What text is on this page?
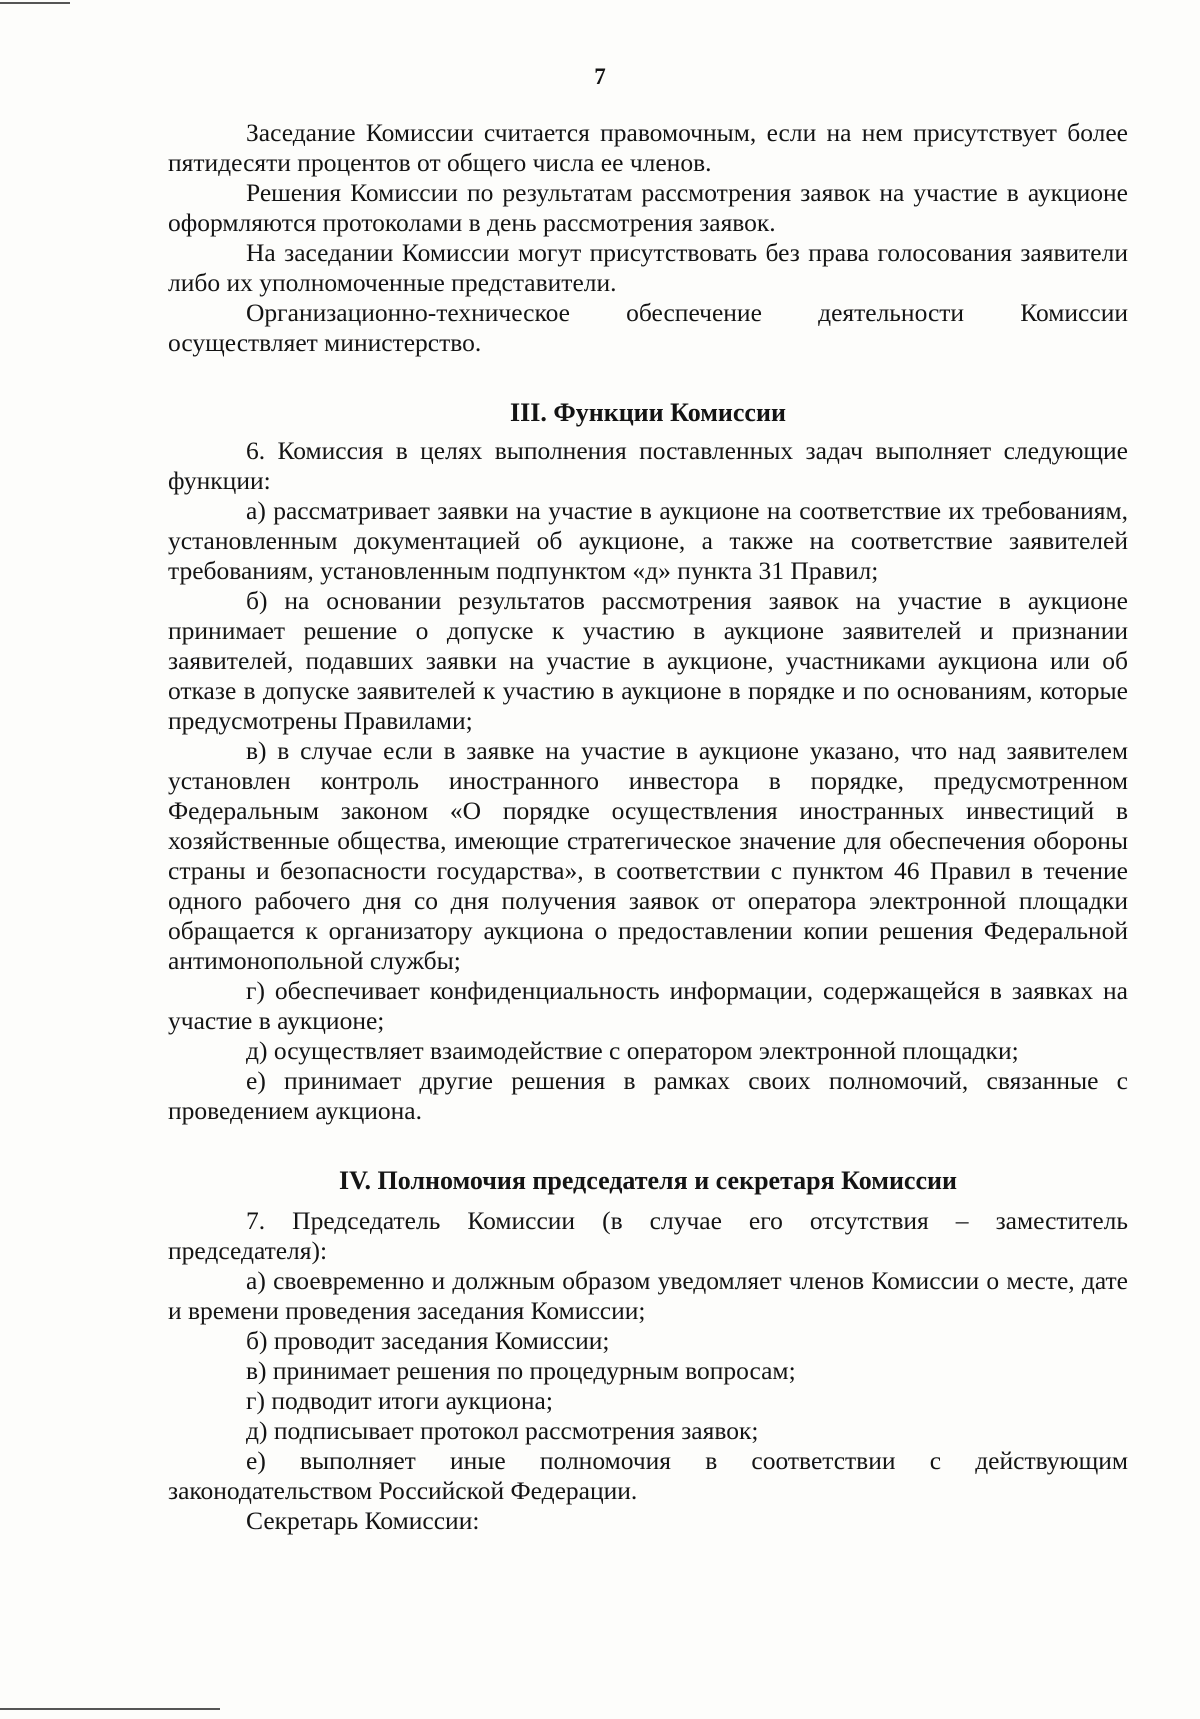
7

Заседание Комиссии считается правомочным, если на нем присутствует более пятидесяти процентов от общего числа ее членов.

Решения Комиссии по результатам рассмотрения заявок на участие в аукционе оформляются протоколами в день рассмотрения заявок.

На заседании Комиссии могут присутствовать без права голосования заявители либо их уполномоченные представители.

Организационно-техническое обеспечение деятельности Комиссии осуществляет министерство.

III. Функции Комиссии

6. Комиссия в целях выполнения поставленных задач выполняет следующие функции:

а) рассматривает заявки на участие в аукционе на соответствие их требованиям, установленным документацией об аукционе, а также на соответствие заявителей требованиям, установленным подпунктом «д» пункта 31 Правил;

б) на основании результатов рассмотрения заявок на участие в аукционе принимает решение о допуске к участию в аукционе заявителей и признании заявителей, подавших заявки на участие в аукционе, участниками аукциона или об отказе в допуске заявителей к участию в аукционе в порядке и по основаниям, которые предусмотрены Правилами;

в) в случае если в заявке на участие в аукционе указано, что над заявителем установлен контроль иностранного инвестора в порядке, предусмотренном Федеральным законом «О порядке осуществления иностранных инвестиций в хозяйственные общества, имеющие стратегическое значение для обеспечения обороны страны и безопасности государства», в соответствии с пунктом 46 Правил в течение одного рабочего дня со дня получения заявок от оператора электронной площадки обращается к организатору аукциона о предоставлении копии решения Федеральной антимонопольной службы;

г) обеспечивает конфиденциальность информации, содержащейся в заявках на участие в аукционе;

д) осуществляет взаимодействие с оператором электронной площадки;

е) принимает другие решения в рамках своих полномочий, связанные с проведением аукциона.

IV. Полномочия председателя и секретаря Комиссии

7. Председатель Комиссии (в случае его отсутствия – заместитель председателя):

а) своевременно и должным образом уведомляет членов Комиссии о месте, дате и времени проведения заседания Комиссии;

б) проводит заседания Комиссии;

в) принимает решения по процедурным вопросам;

г) подводит итоги аукциона;

д) подписывает протокол рассмотрения заявок;

е) выполняет иные полномочия в соответствии с действующим законодательством Российской Федерации.

Секретарь Комиссии:
